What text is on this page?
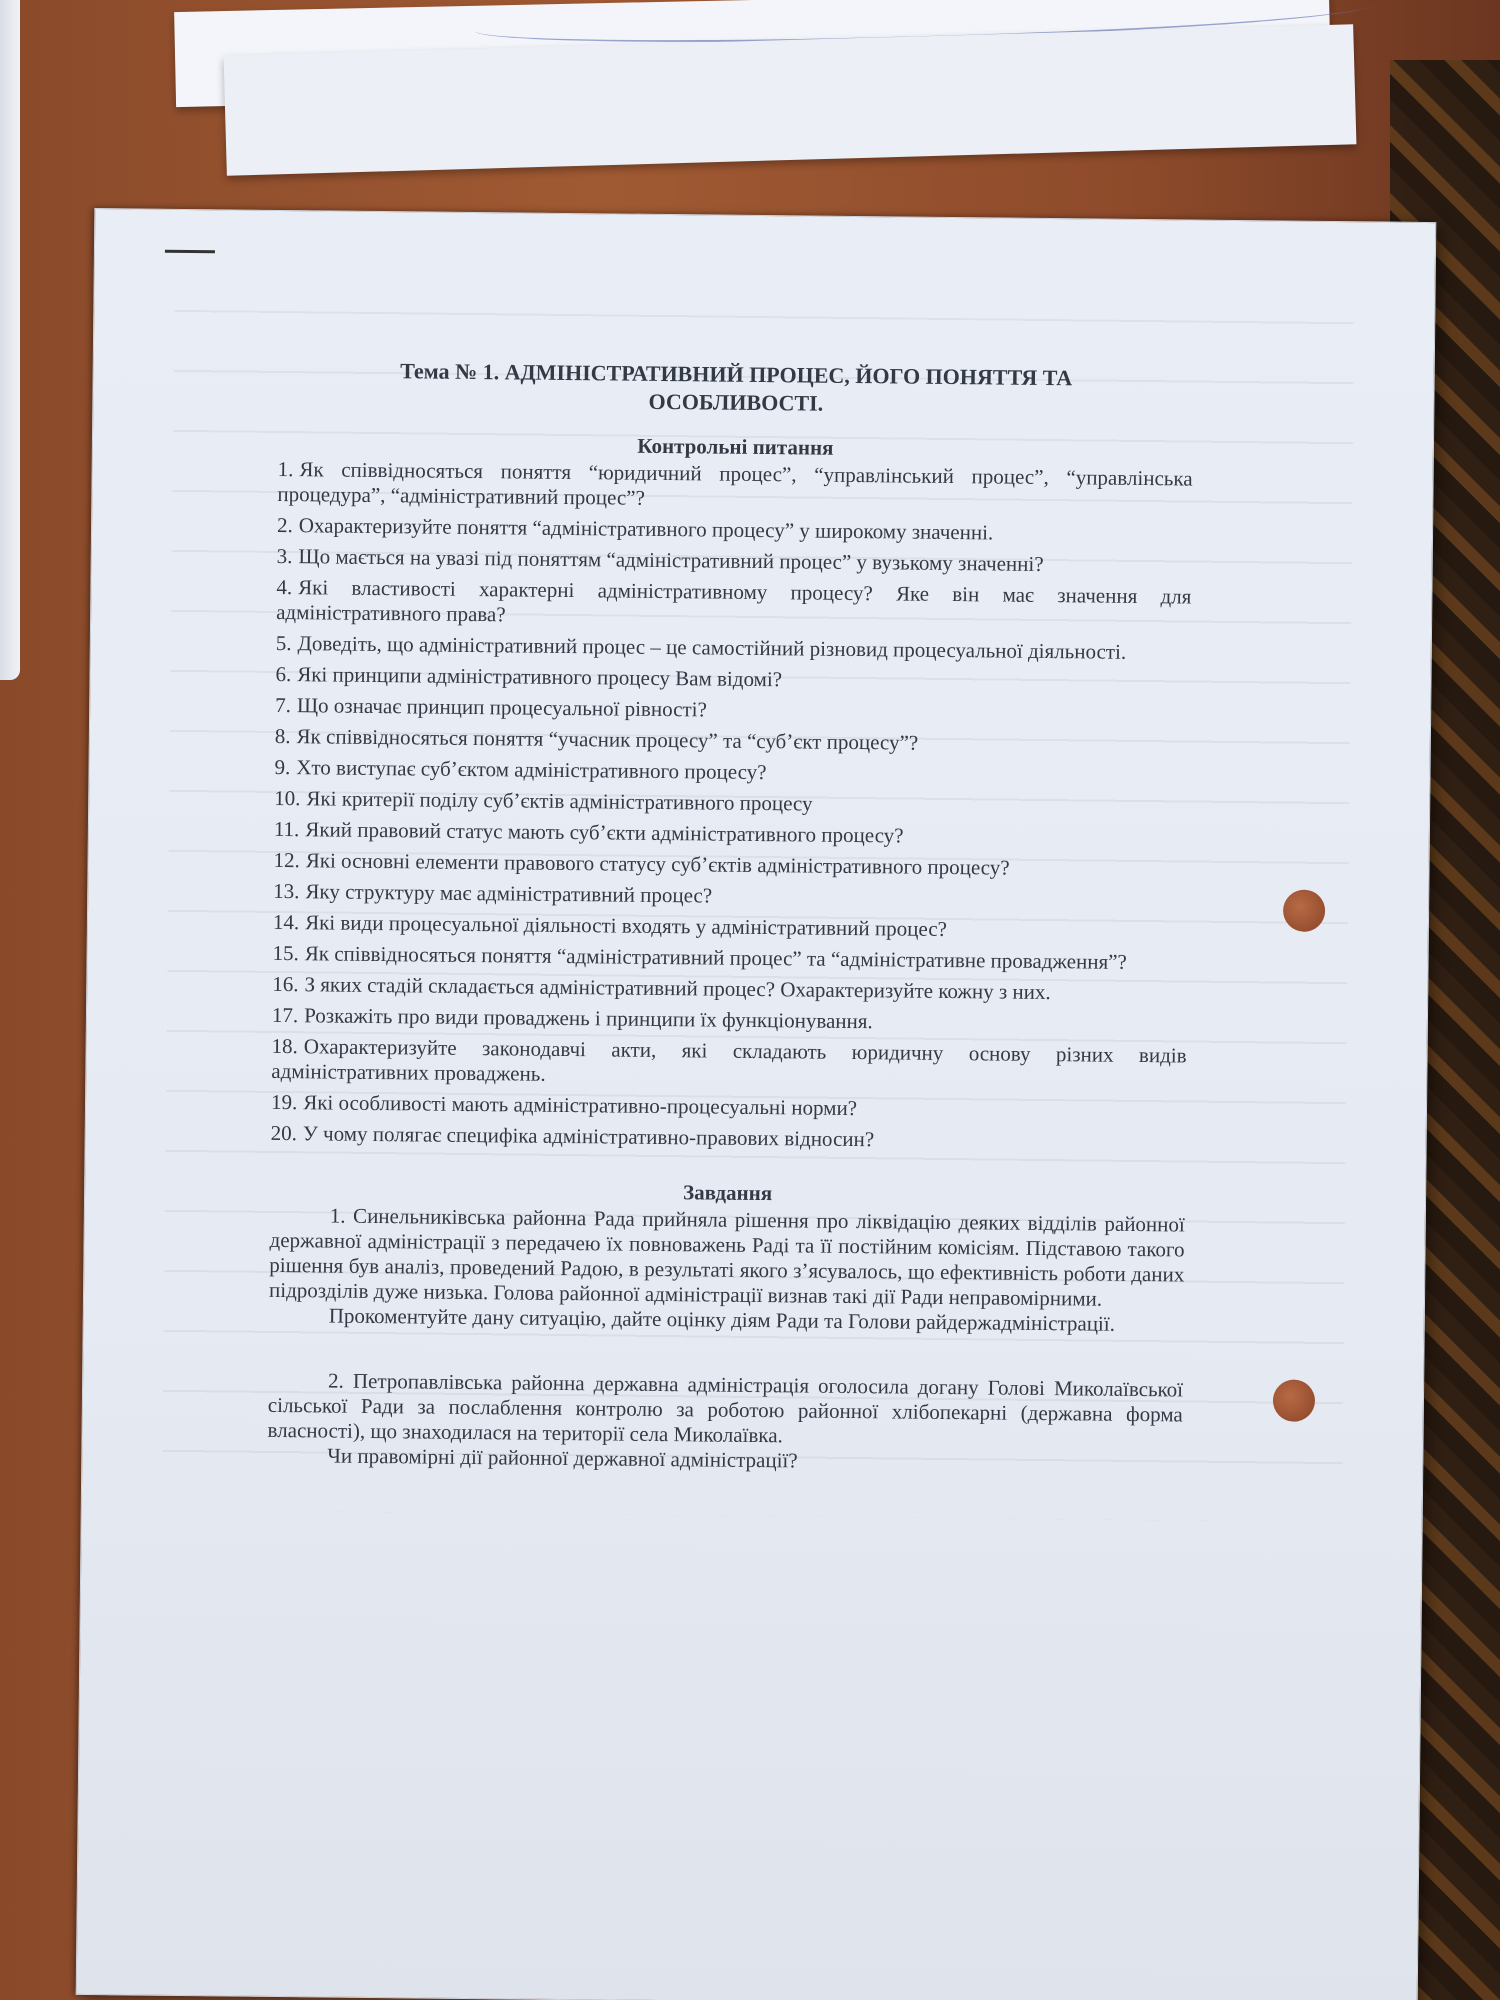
Тема № 1. АДМІНІСТРАТИВНИЙ ПРОЦЕС, ЙОГО ПОНЯТТЯ ТА ОСОБЛИВОСТІ.
Контрольні питання

1. Як співвідносяться поняття “юридичний процес”, “управлінський процес”, “управлінська процедура”, “адміністративний процес”?

2. Охарактеризуйте поняття “адміністративного процесу” у широкому значенні.

3. Що мається на увазі під поняттям “адміністративний процес” у вузькому значенні?

4. Які властивості характерні адміністративному процесу? Яке він має значення для адміністративного права?

5. Доведіть, що адміністративний процес – це самостійний різновид процесуальної діяльності.

6. Які принципи адміністративного процесу Вам відомі?

7. Що означає принцип процесуальної рівності?

8. Як співвідносяться поняття “учасник процесу” та “суб’єкт процесу”?

9. Хто виступає суб’єктом адміністративного процесу?

10. Які критерії поділу суб’єктів адміністративного процесу

11. Який правовий статус мають суб’єкти адміністративного процесу?

12. Які основні елементи правового статусу суб’єктів адміністративного процесу?

13. Яку структуру має адміністративний процес?

14. Які види процесуальної діяльності входять у адміністративний процес?

15. Як співвідносяться поняття “адміністративний процес” та “адміністративне провадження”?

16. З яких стадій складається адміністративний процес? Охарактеризуйте кожну з них.

17. Розкажіть про види проваджень і принципи їх функціонування.

18. Охарактеризуйте законодавчі акти, які складають юридичну основу різних видів адміністративних проваджень.

19. Які особливості мають адміністративно-процесуальні норми?

20. У чому полягає специфіка адміністративно-правових відносин?

Завдання

1. Синельниківська районна Рада прийняла рішення про ліквідацію деяких відділів районної державної адміністрації з передачею їх повноважень Раді та її постійним комісіям. Підставою такого рішення був аналіз, проведений Радою, в результаті якого з’ясувалось, що ефективність роботи даних підрозділів дуже низька. Голова районної адміністрації визнав такі дії Ради неправомірними.

Прокоментуйте дану ситуацію, дайте оцінку діям Ради та Голови райдержадміністрації.

2. Петропавлівська районна державна адміністрація оголосила догану Голові Миколаївської сільської Ради за послаблення контролю за роботою районної хлібопекарні (державна форма власності), що знаходилася на території села Миколаївка.

Чи правомірні дії районної державної адміністрації?
